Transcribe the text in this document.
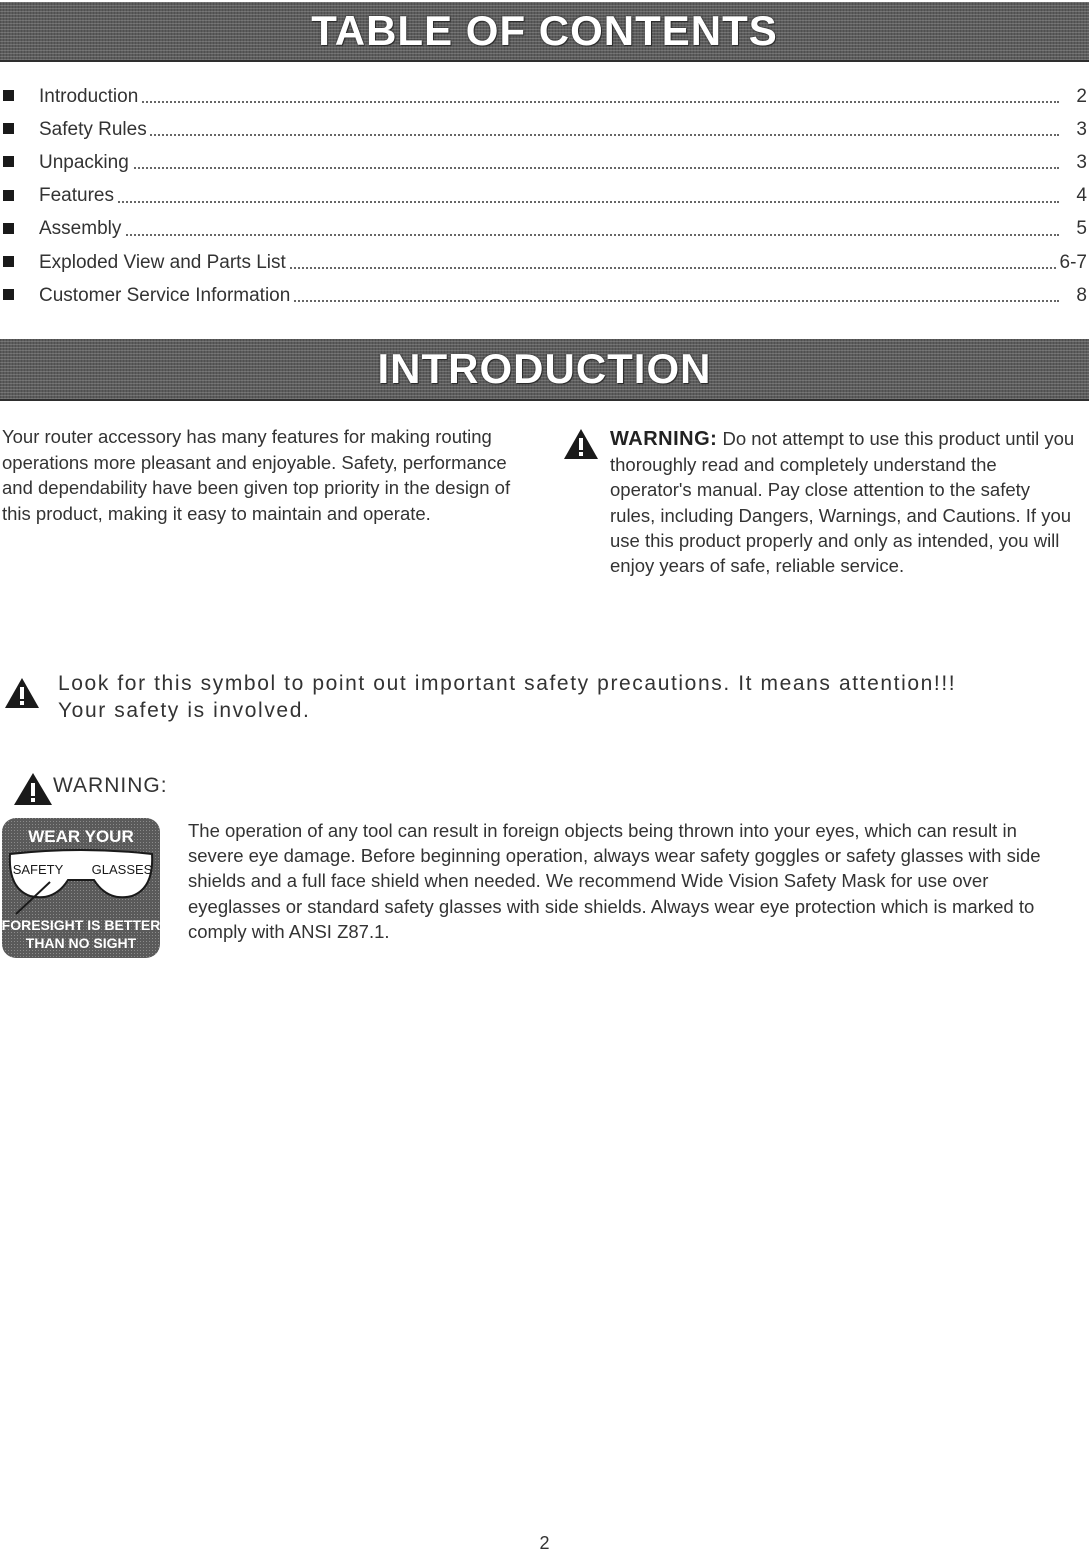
TABLE OF CONTENTS
Introduction	2
Safety Rules	3
Unpacking	3
Features	4
Assembly	5
Exploded View and Parts List	6-7
Customer Service Information	8
INTRODUCTION
Your router accessory has many features for making routing operations more pleasant and enjoyable. Safety, performance and dependability have been given top priority in the design of this product, making it easy to maintain and operate.
WARNING: Do not attempt to use this product until you thoroughly read and completely understand the operator's manual. Pay close attention to the safety rules, including Dangers, Warnings, and Cautions. If you use this product properly and only as intended, you will enjoy years of safe, reliable service.
Look for this symbol to point out important safety precautions. It means attention!!!
Your safety is involved.
WARNING:
WEAR YOUR
SAFETY GLASSES
FORESIGHT IS BETTER
THAN NO SIGHT
The operation of any tool can result in foreign objects being thrown into your eyes, which can result in severe eye damage. Before beginning operation, always wear safety goggles or safety glasses with side shields and a full face shield when needed. We recommend Wide Vision Safety Mask for use over eyeglasses or standard safety glasses with side shields. Always wear eye protection which is marked to comply with ANSI Z87.1.
2
